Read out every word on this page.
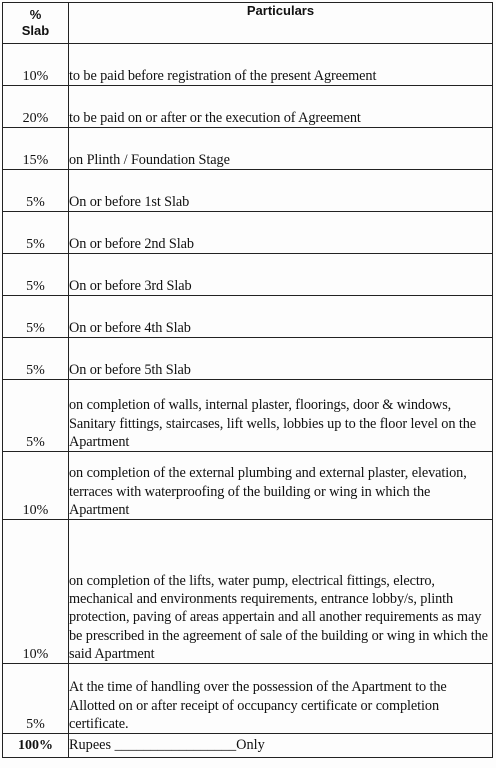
%
Slab	Particulars
10%	to be paid before registration of the present Agreement
20%	to be paid on or after or the execution of Agreement
15%	on Plinth / Foundation Stage
5%	On or before 1st Slab
5%	On or before 2nd Slab
5%	On or before 3rd Slab
5%	On or before 4th Slab
5%	On or before 5th Slab
5%	on completion of walls, internal plaster, floorings, door & windows, Sanitary fittings, staircases, lift wells, lobbies up to the floor level on the Apartment
10%	on completion of the external plumbing and external plaster, elevation, terraces with waterproofing of the building or wing in which the Apartment
10%	on completion of the lifts, water pump, electrical fittings, electro, mechanical and environments requirements, entrance lobby/s, plinth protection, paving of areas appertain and all another requirements as may be prescribed in the agreement of sale of the building or wing in which the said Apartment
5%	At the time of handling over the possession of the Apartment to the Allotted on or after receipt of occupancy certificate or completion certificate.
100%	Rupees _________________Only
